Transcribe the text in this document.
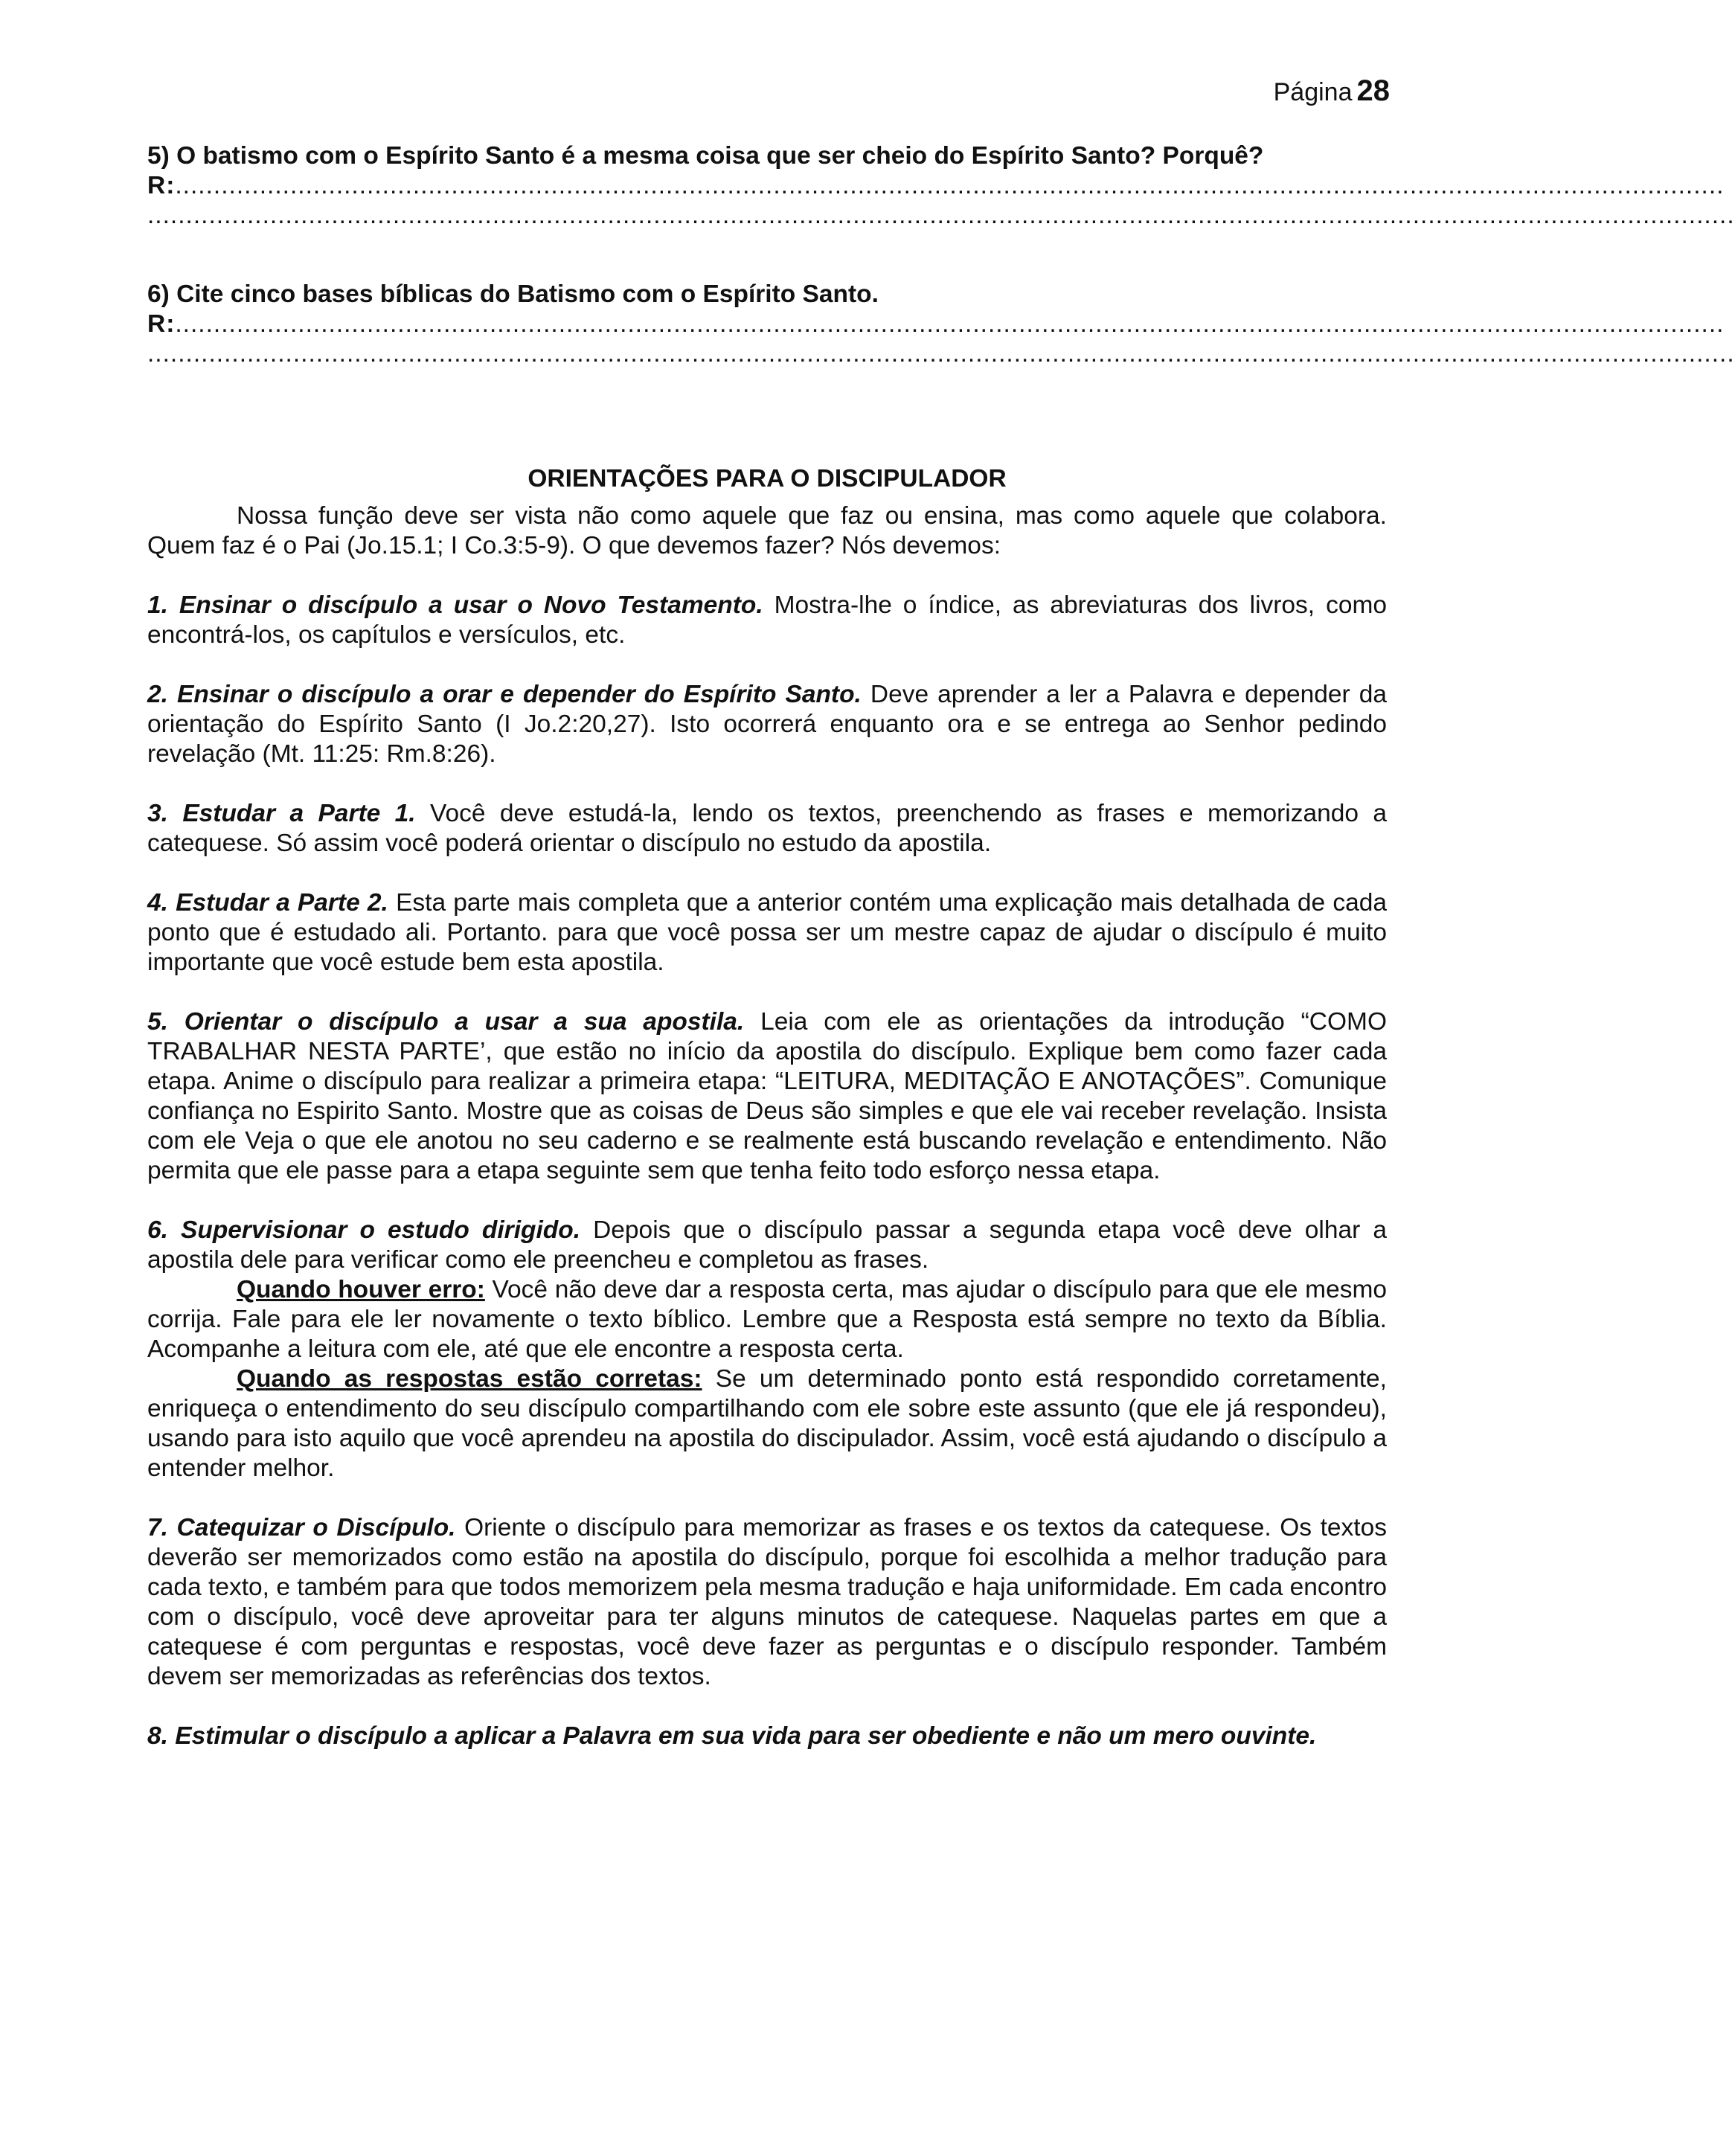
Página 28

5) O batismo com o Espírito Santo é a mesma coisa que ser cheio do Espírito Santo? Porquê?

R:..........................................................................................................................................................................................................

...............................................................................................................................................................................................................

6) Cite cinco bases bíblicas do Batismo com o Espírito Santo.

R:..........................................................................................................................................................................................................

...............................................................................................................................................................................................................

ORIENTAÇÕES PARA O DISCIPULADOR

Nossa função deve ser vista não como aquele que faz ou ensina, mas como aquele que colabora. Quem faz é o Pai (Jo.15.1; I Co.3:5-9). O que devemos fazer? Nós devemos:

1. Ensinar o discípulo a usar o Novo Testamento. Mostra-lhe o índice, as abreviaturas dos livros, como encontrá-los, os capítulos e versículos, etc.

2. Ensinar o discípulo a orar e depender do Espírito Santo. Deve aprender a ler a Palavra e depender da orientação do Espírito Santo (I Jo.2:20,27). Isto ocorrerá enquanto ora e se entrega ao Senhor pedindo revelação (Mt. 11:25: Rm.8:26).

3. Estudar a Parte 1. Você deve estudá-la, lendo os textos, preenchendo as frases e memorizando a catequese. Só assim você poderá orientar o discípulo no estudo da apostila.

4. Estudar a Parte 2. Esta parte mais completa que a anterior contém uma explicação mais detalhada de cada ponto que é estudado ali. Portanto. para que você possa ser um mestre capaz de ajudar o discípulo é muito importante que você estude bem esta apostila.

5. Orientar o discípulo a usar a sua apostila. Leia com ele as orientações da introdução “COMO TRABALHAR NESTA PARTE’, que estão no início da apostila do discípulo. Explique bem como fazer cada etapa. Anime o discípulo para realizar a primeira etapa: “LEITURA, MEDITAÇÃO E ANOTAÇÕES”. Comunique confiança no Espirito Santo. Mostre que as coisas de Deus são simples e que ele vai receber revelação. Insista com ele Veja o que ele anotou no seu caderno e se realmente está buscando revelação e entendimento. Não permita que ele passe para a etapa seguinte sem que tenha feito todo esforço nessa etapa.

6. Supervisionar o estudo dirigido. Depois que o discípulo passar a segunda etapa você deve olhar a apostila dele para verificar como ele preencheu e completou as frases.

Quando houver erro: Você não deve dar a resposta certa, mas ajudar o discípulo para que ele mesmo corrija. Fale para ele ler novamente o texto bíblico. Lembre que a Resposta está sempre no texto da Bíblia. Acompanhe a leitura com ele, até que ele encontre a resposta certa.

Quando as respostas estão corretas: Se um determinado ponto está respondido corretamente, enriqueça o entendimento do seu discípulo compartilhando com ele sobre este assunto (que ele já respondeu), usando para isto aquilo que você aprendeu na apostila do discipulador. Assim, você está ajudando o discípulo a entender melhor.

7. Catequizar o Discípulo. Oriente o discípulo para memorizar as frases e os textos da catequese. Os textos deverão ser memorizados como estão na apostila do discípulo, porque foi escolhida a melhor tradução para cada texto, e também para que todos memorizem pela mesma tradução e haja uniformidade. Em cada encontro com o discípulo, você deve aproveitar para ter alguns minutos de catequese. Naquelas partes em que a catequese é com perguntas e respostas, você deve fazer as perguntas e o discípulo responder. Também devem ser memorizadas as referências dos textos.

8. Estimular o discípulo a aplicar a Palavra em sua vida para ser obediente e não um mero ouvinte.
